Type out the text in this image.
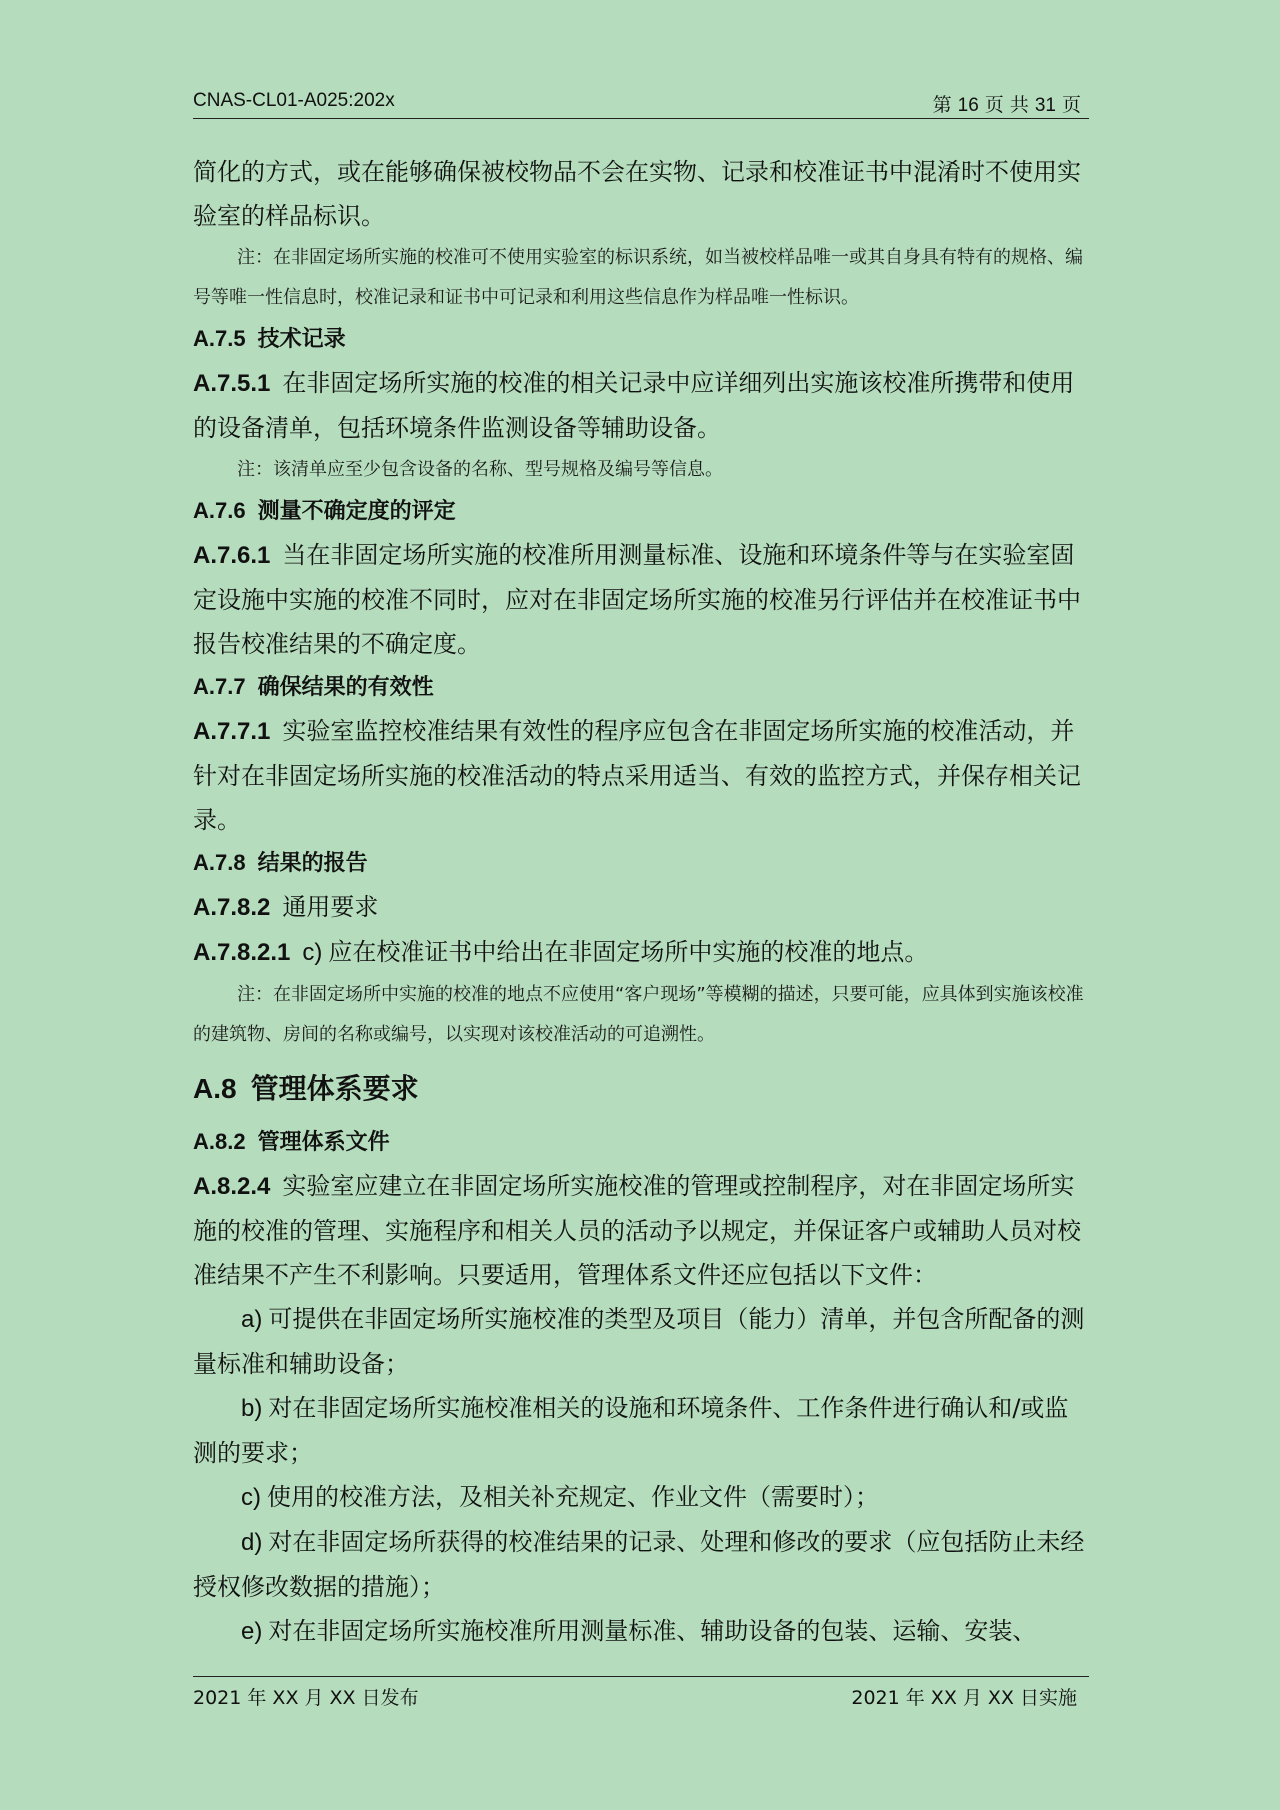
CNAS-CL01-A025:202x	第 16 页 共 31 页
简化的方式，或在能够确保被校物品不会在实物、记录和校准证书中混淆时不使用实验室的样品标识。
注：在非固定场所实施的校准可不使用实验室的标识系统，如当被校样品唯一或其自身具有特有的规格、编号等唯一性信息时，校准记录和证书中可记录和利用这些信息作为样品唯一性标识。
A.7.5 技术记录
A.7.5.1 在非固定场所实施的校准的相关记录中应详细列出实施该校准所携带和使用的设备清单，包括环境条件监测设备等辅助设备。
注：该清单应至少包含设备的名称、型号规格及编号等信息。
A.7.6 测量不确定度的评定
A.7.6.1 当在非固定场所实施的校准所用测量标准、设施和环境条件等与在实验室固定设施中实施的校准不同时，应对在非固定场所实施的校准另行评估并在校准证书中报告校准结果的不确定度。
A.7.7 确保结果的有效性
A.7.7.1 实验室监控校准结果有效性的程序应包含在非固定场所实施的校准活动，并针对在非固定场所实施的校准活动的特点采用适当、有效的监控方式，并保存相关记录。
A.7.8 结果的报告
A.7.8.2 通用要求
A.7.8.2.1 c) 应在校准证书中给出在非固定场所中实施的校准的地点。
注：在非固定场所中实施的校准的地点不应使用“客户现场”等模糊的描述，只要可能，应具体到实施该校准的建筑物、房间的名称或编号，以实现对该校准活动的可追溯性。
A.8 管理体系要求
A.8.2 管理体系文件
A.8.2.4 实验室应建立在非固定场所实施校准的管理或控制程序，对在非固定场所实施的校准的管理、实施程序和相关人员的活动予以规定，并保证客户或辅助人员对校准结果不产生不利影响。只要适用，管理体系文件还应包括以下文件：
a) 可提供在非固定场所实施校准的类型及项目（能力）清单，并包含所配备的测量标准和辅助设备；
b) 对在非固定场所实施校准相关的设施和环境条件、工作条件进行确认和/或监测的要求；
c) 使用的校准方法，及相关补充规定、作业文件（需要时）；
d) 对在非固定场所获得的校准结果的记录、处理和修改的要求（应包括防止未经授权修改数据的措施）；
e) 对在非固定场所实施校准所用测量标准、辅助设备的包装、运输、安装、
2021 年 XX 月 XX 日发布	2021 年 XX 月 XX 日实施
